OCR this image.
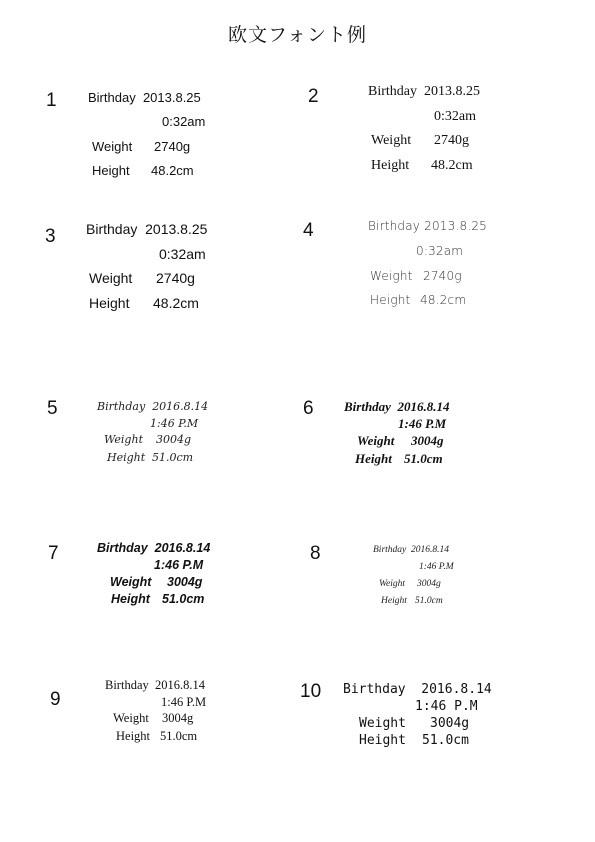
欧文フォント例
1 Birthday 2013.8.25
0:32am
Weight 2740g
Height 48.2cm
2	Birthday 2013.8.25
0:32am
Weight 2740g
Height 48.2cm
3 Birthday 2013.8.25
0:32am
Weight 2740g
Height 48.2cm
4	Birthday 2013.8.25
0:32am
Weight 2740g
Height 48.2cm
5	Birthday 2016.8.14
1:46 P.M
Weight 3004g
Height 51.0cm
6 Birthday 2016.8.14
1:46 P.M
Weight 3004g
Height 51.0cm
7	Birthday 2016.8.14
1:46 P.M
Weight 3004g
Height 51.0cm
8	Birthday 2016.8.14
1:46 P.M
Weight 3004g
Height 51.0cm
9
Birthday 2016.8.14
1:46 P.M
Weight 3004g
Height 51.0cm
10 Birthday 2016.8.14
1:46 P.M
Weight 3004g
Height 51.0cm
